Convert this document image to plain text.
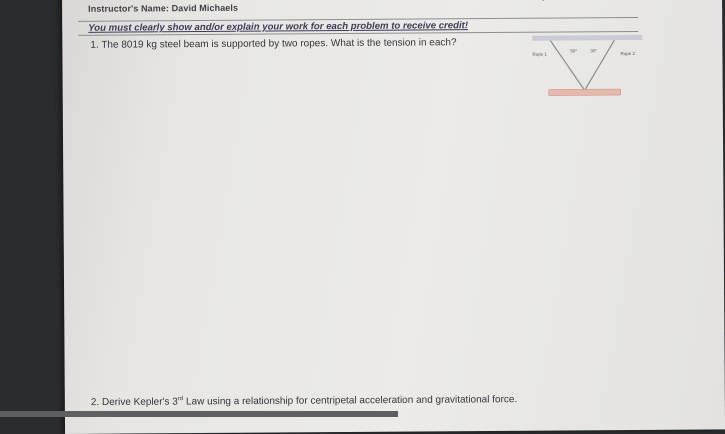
Instructor's Name: David Michaels
You must clearly show and/or explain your work for each problem to receive credit!
1. The 8019 kg steel beam is supported by two ropes. What is the tension in each?
Rope 1	Rope 2
50°	30°
2. Derive Kepler's 3rd Law using a relationship for centripetal acceleration and gravitational force.
